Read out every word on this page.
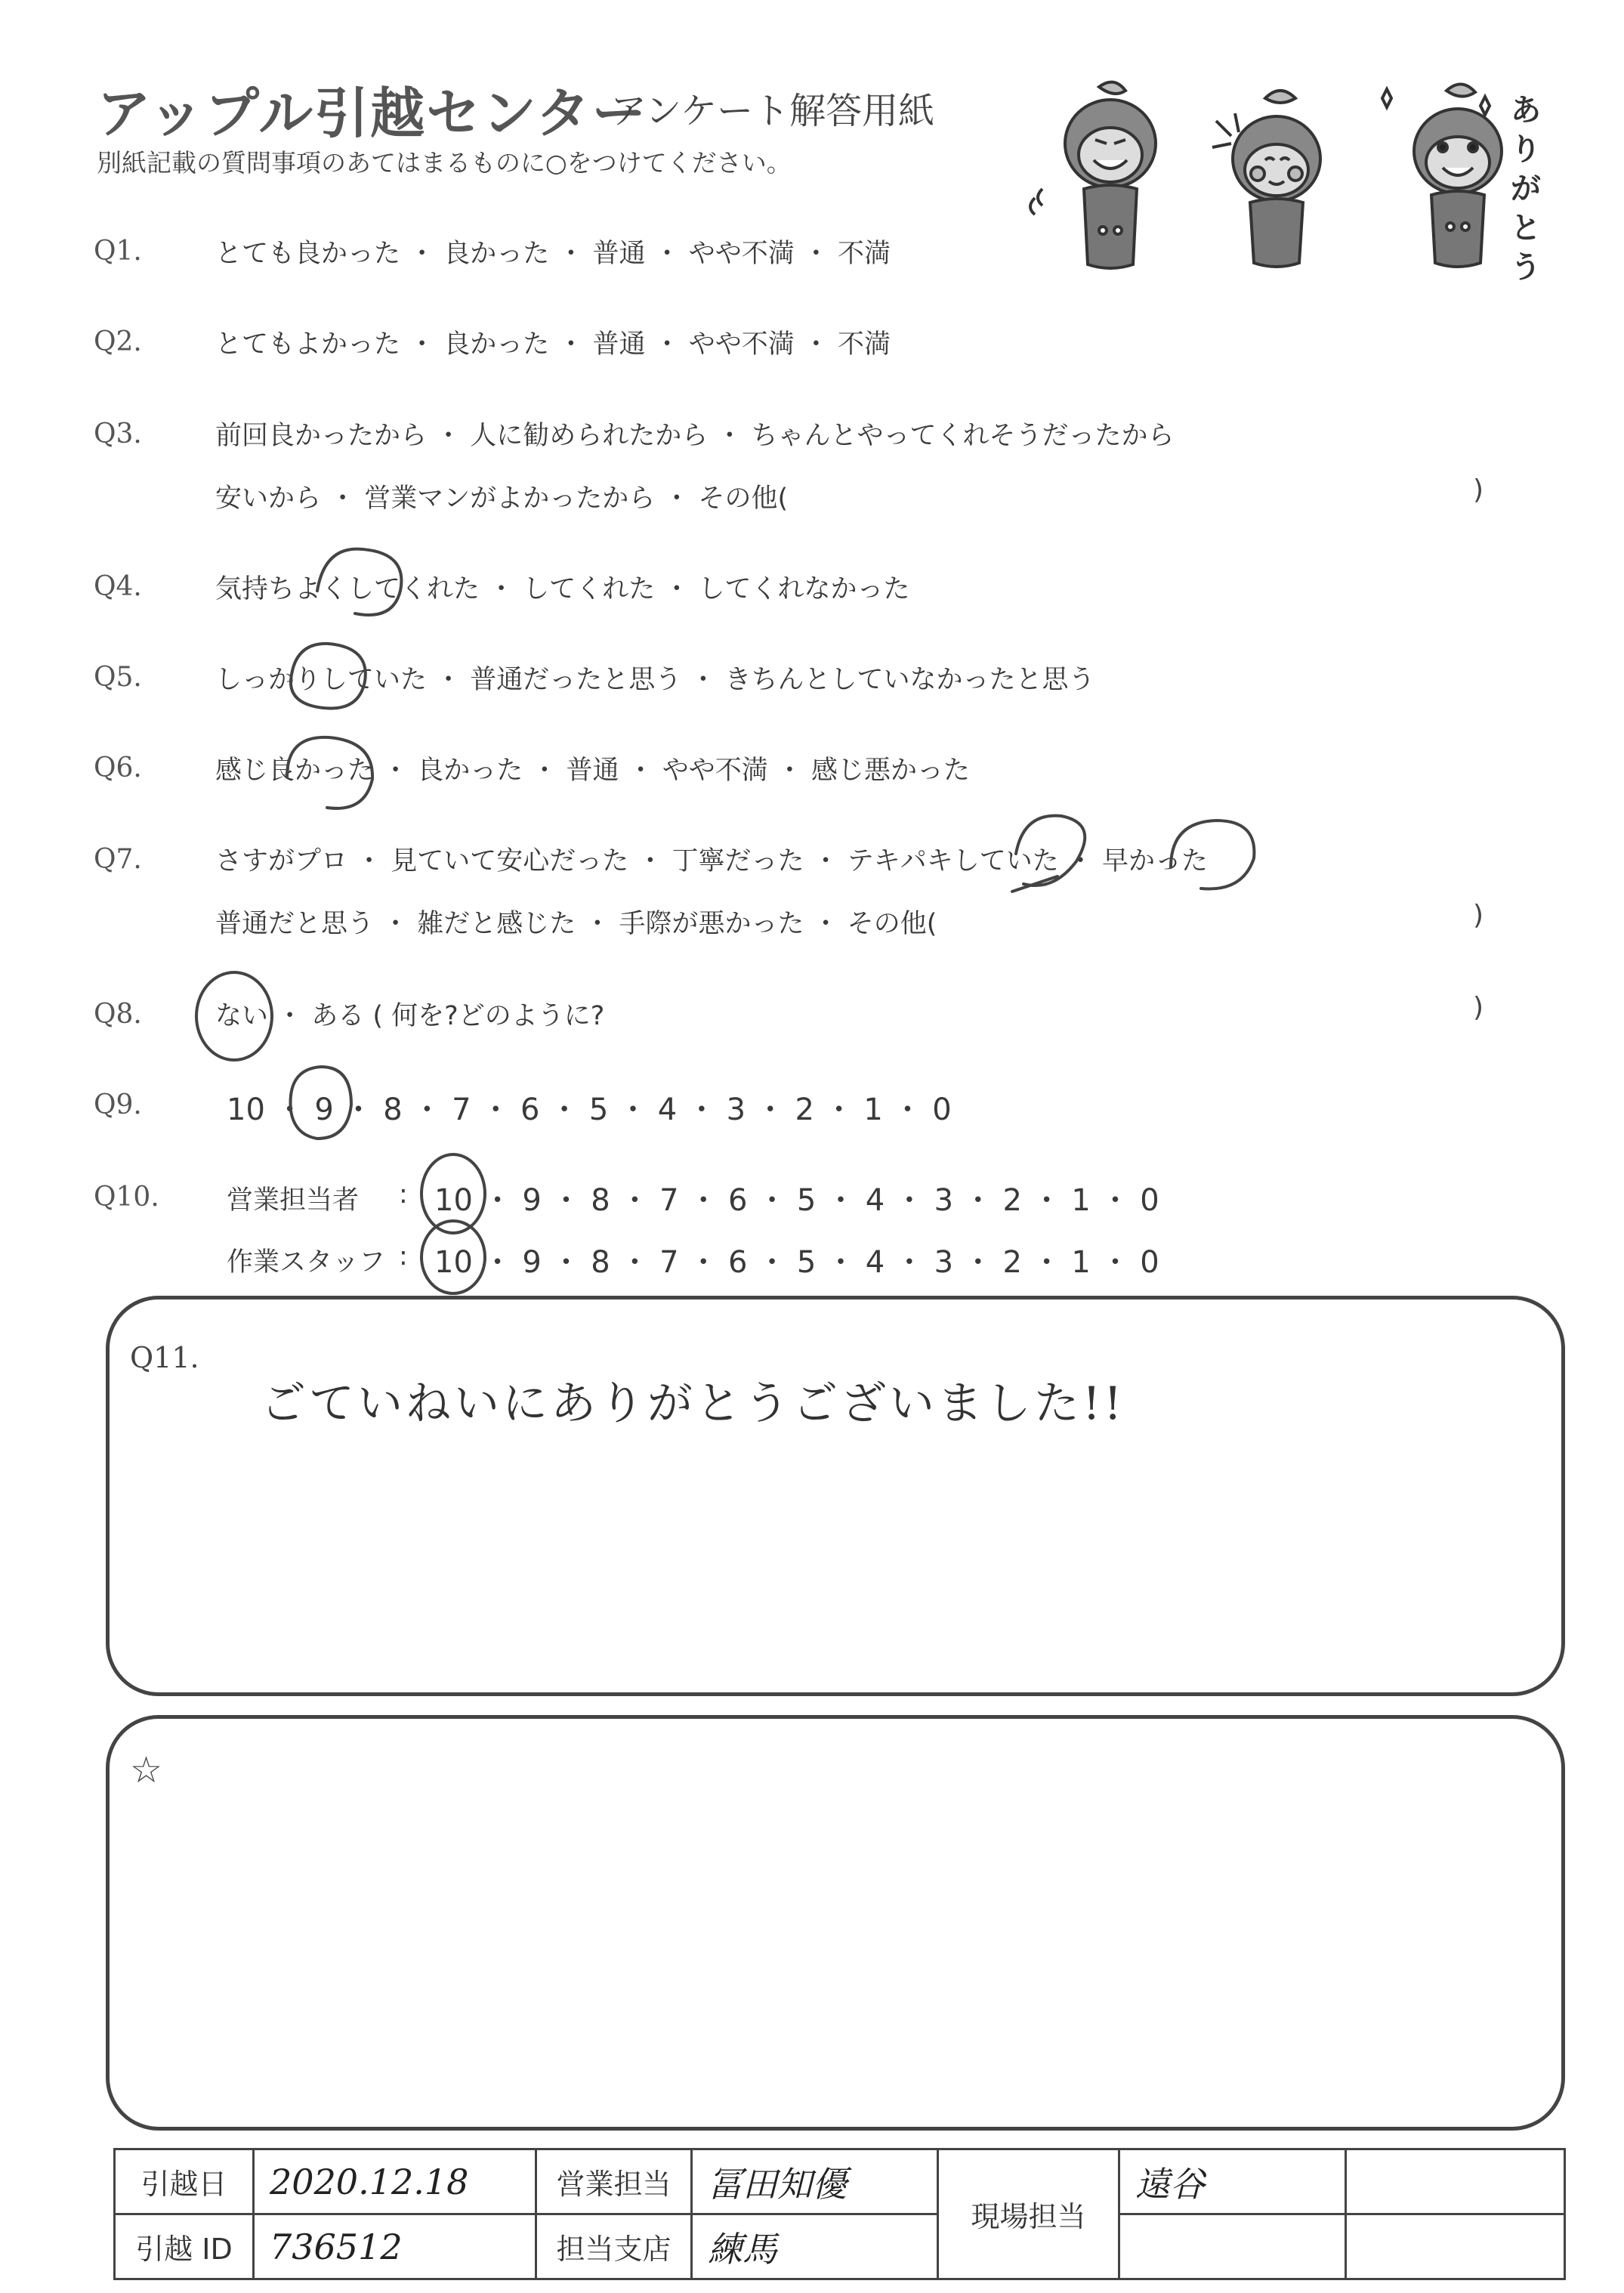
アップル引越センター
アンケート解答用紙
別紙記載の質問事項のあてはまるものに○をつけてください。
ありがとう
Q1.	とても良かった ・ 良かった ・ 普通 ・ やや不満 ・ 不満
Q2.	とてもよかった ・ 良かった ・ 普通 ・ やや不満 ・ 不満
Q3.	前回良かったから ・ 人に勧められたから ・ ちゃんとやってくれそうだったから
安いから ・ 営業マンがよかったから ・ その他(	)
Q4.	気持ちよくしてくれた ・ してくれた ・ してくれなかった
Q5.	しっかりしていた ・ 普通だったと思う ・ きちんとしていなかったと思う
Q6.	感じ良かった ・ 良かった ・ 普通 ・ やや不満 ・ 感じ悪かった
Q7.	さすがプロ ・ 見ていて安心だった ・ 丁寧だった ・ テキパキしていた ・ 早かった
普通だと思う ・ 雑だと感じた ・ 手際が悪かった ・ その他(	)
Q8.	ない ・ ある ( 何を?どのように?	)
Q9.	10 ・ 9 ・ 8 ・ 7 ・ 6 ・ 5 ・ 4 ・ 3 ・ 2 ・ 1 ・ 0
Q10.	営業担当者 : 10 ・ 9 ・ 8 ・ 7 ・ 6 ・ 5 ・ 4 ・ 3 ・ 2 ・ 1 ・ 0
作業スタッフ : 10 ・ 9 ・ 8 ・ 7 ・ 6 ・ 5 ・ 4 ・ 3 ・ 2 ・ 1 ・ 0
Q11.
ごていねいにありがとうございました!!
☆
引越日	2020.12.18	営業担当	冨田知優	現場担当	遠谷	
引越 ID	736512	担当支店	練馬			
